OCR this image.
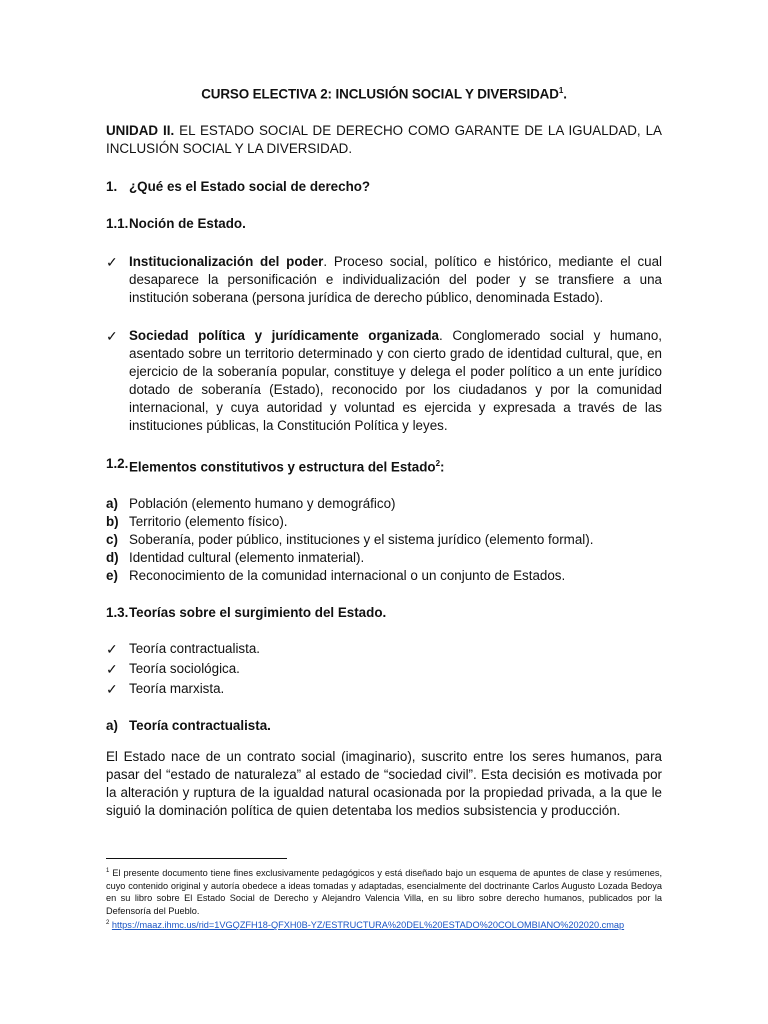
CURSO ELECTIVA 2: INCLUSIÓN SOCIAL Y DIVERSIDAD$^1$.

UNIDAD II. EL ESTADO SOCIAL DE DERECHO COMO GARANTE DE LA IGUALDAD, LA INCLUSIÓN SOCIAL Y LA DIVERSIDAD.

1. ¿Qué es el Estado social de derecho?
1.1. Noción de Estado.
✓ Institucionalización del poder. Proceso social, político e histórico, mediante el cual desaparece la personificación e individualización del poder y se transfiere a una institución soberana (persona jurídica de derecho público, denominada Estado).
✓ Sociedad política y jurídicamente organizada. Conglomerado social y humano, asentado sobre un territorio determinado y con cierto grado de identidad cultural, que, en ejercicio de la soberanía popular, constituye y delega el poder político a un ente jurídico dotado de soberanía (Estado), reconocido por los ciudadanos y por la comunidad internacional, y cuya autoridad y voluntad es ejercida y expresada a través de las instituciones públicas, la Constitución Política y leyes.
1.2. Elementos constitutivos y estructura del Estado$^2$:
a) Población (elemento humano y demográfico)
b) Territorio (elemento físico).
c) Soberanía, poder público, instituciones y el sistema jurídico (elemento formal).
d) Identidad cultural (elemento inmaterial).
e) Reconocimiento de la comunidad internacional o un conjunto de Estados.
1.3. Teorías sobre el surgimiento del Estado.
✓ Teoría contractualista.
✓ Teoría sociológica.
✓ Teoría marxista.
a) Teoría contractualista.

El Estado nace de un contrato social (imaginario), suscrito entre los seres humanos, para pasar del “estado de naturaleza” al estado de “sociedad civil”. Esta decisión es motivada por la alteración y ruptura de la igualdad natural ocasionada por la propiedad privada, a la que le siguió la dominación política de quien detentaba los medios subsistencia y producción.

$^1$ El presente documento tiene fines exclusivamente pedagógicos y está diseñado bajo un esquema de apuntes de clase y resúmenes, cuyo contenido original y autoría obedece a ideas tomadas y adaptadas, esencialmente del doctrinante Carlos Augusto Lozada Bedoya en su libro sobre El Estado Social de Derecho y Alejandro Valencia Villa, en su libro sobre derecho humanos, publicados por la Defensoría del Pueblo.
$^2$ https://maaz.ihmc.us/rid=1VGQZFH18-QFXH0B-YZ/ESTRUCTURA%20DEL%20ESTADO%20COLOMBIANO%202020.cmap
